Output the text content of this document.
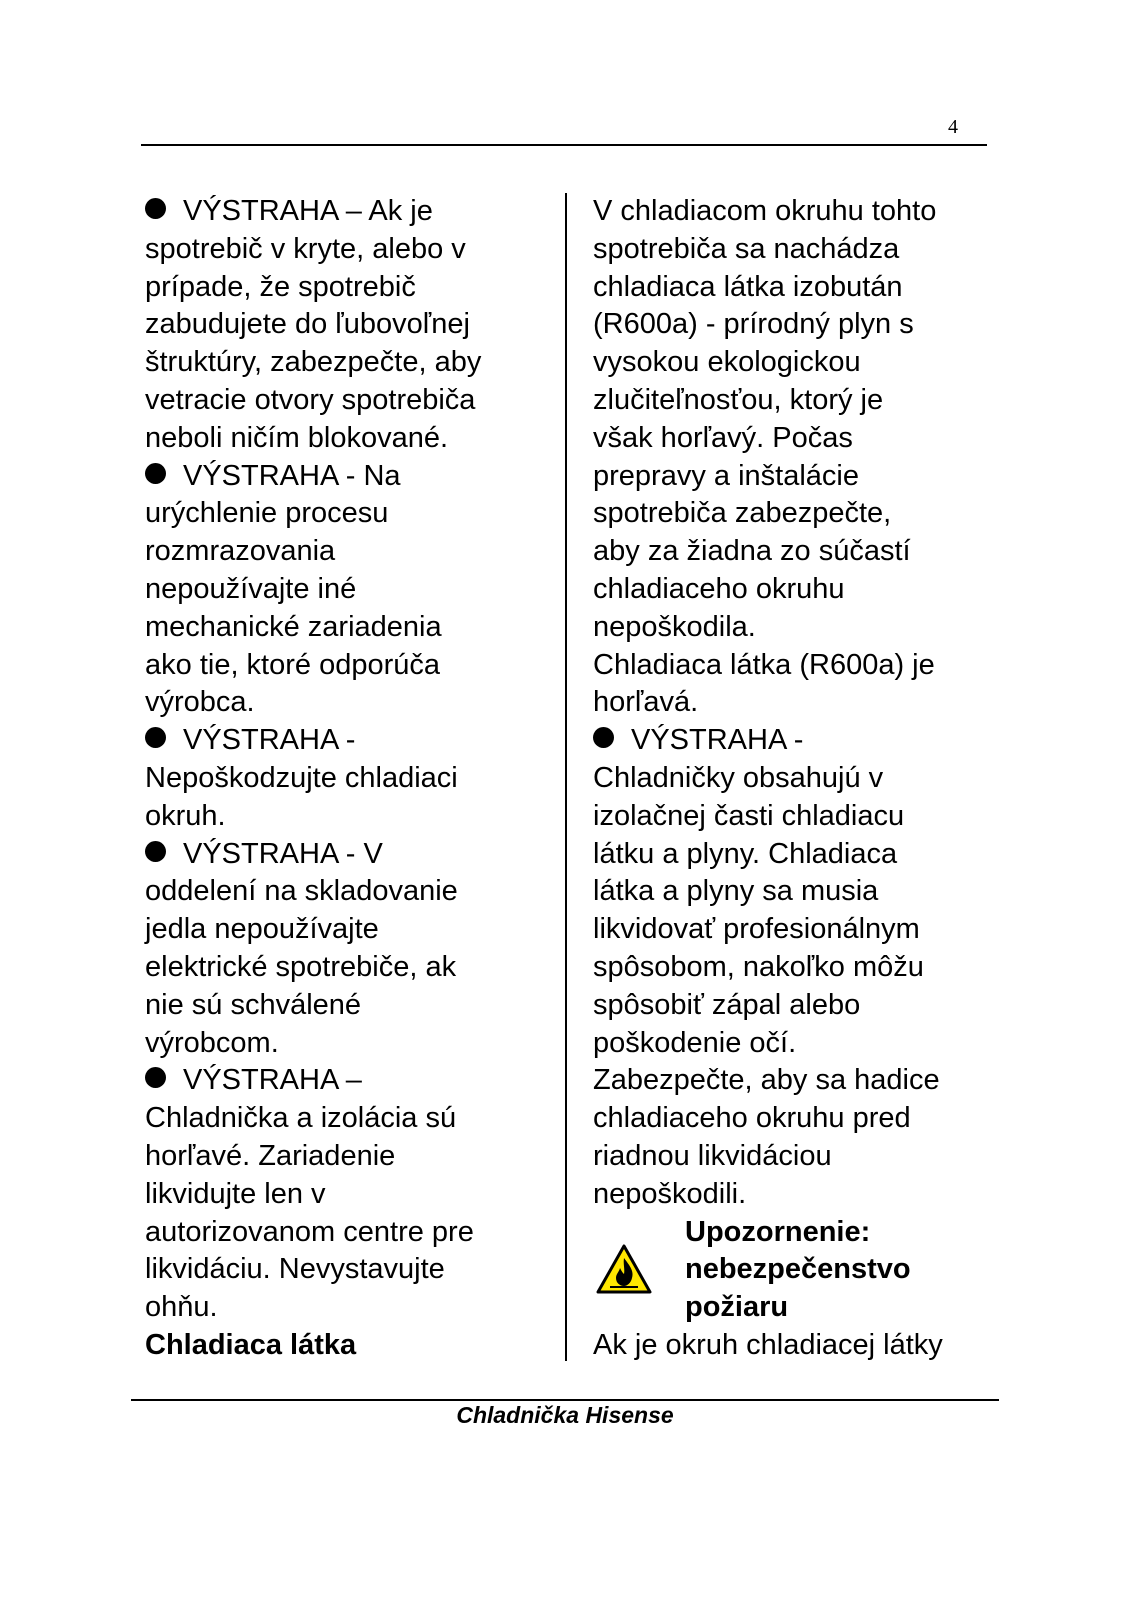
4
VÝSTRAHA – Ak je
spotrebič v kryte, alebo v
prípade, že spotrebič
zabudujete do ľubovoľnej
štruktúry, zabezpečte, aby
vetracie otvory spotrebiča
neboli ničím blokované.
VÝSTRAHA - Na
urýchlenie procesu
rozmrazovania
nepoužívajte iné
mechanické zariadenia
ako tie, ktoré odporúča
výrobca.
VÝSTRAHA -
Nepoškodzujte chladiaci
okruh.
VÝSTRAHA - V
oddelení na skladovanie
jedla nepoužívajte
elektrické spotrebiče, ak
nie sú schválené
výrobcom.
VÝSTRAHA –
Chladnička a izolácia sú
horľavé. Zariadenie
likvidujte len v
autorizovanom centre pre
likvidáciu. Nevystavujte
ohňu.
Chladiaca látka
V chladiacom okruhu tohto
spotrebiča sa nachádza
chladiaca látka izobután
(R600a) - prírodný plyn s
vysokou ekologickou
zlučiteľnosťou, ktorý je
však horľavý. Počas
prepravy a inštalácie
spotrebiča zabezpečte,
aby za žiadna zo súčastí
chladiaceho okruhu
nepoškodila.
Chladiaca látka (R600a) je
horľavá.
VÝSTRAHA -
Chladničky obsahujú v
izolačnej časti chladiacu
látku a plyny. Chladiaca
látka a plyny sa musia
likvidovať profesionálnym
spôsobom, nakoľko môžu
spôsobiť zápal alebo
poškodenie očí.
Zabezpečte, aby sa hadice
chladiaceho okruhu pred
riadnou likvidáciou
nepoškodili.
Upozornenie:
nebezpečenstvo
požiaru
Ak je okruh chladiacej látky
Chladnička Hisense
